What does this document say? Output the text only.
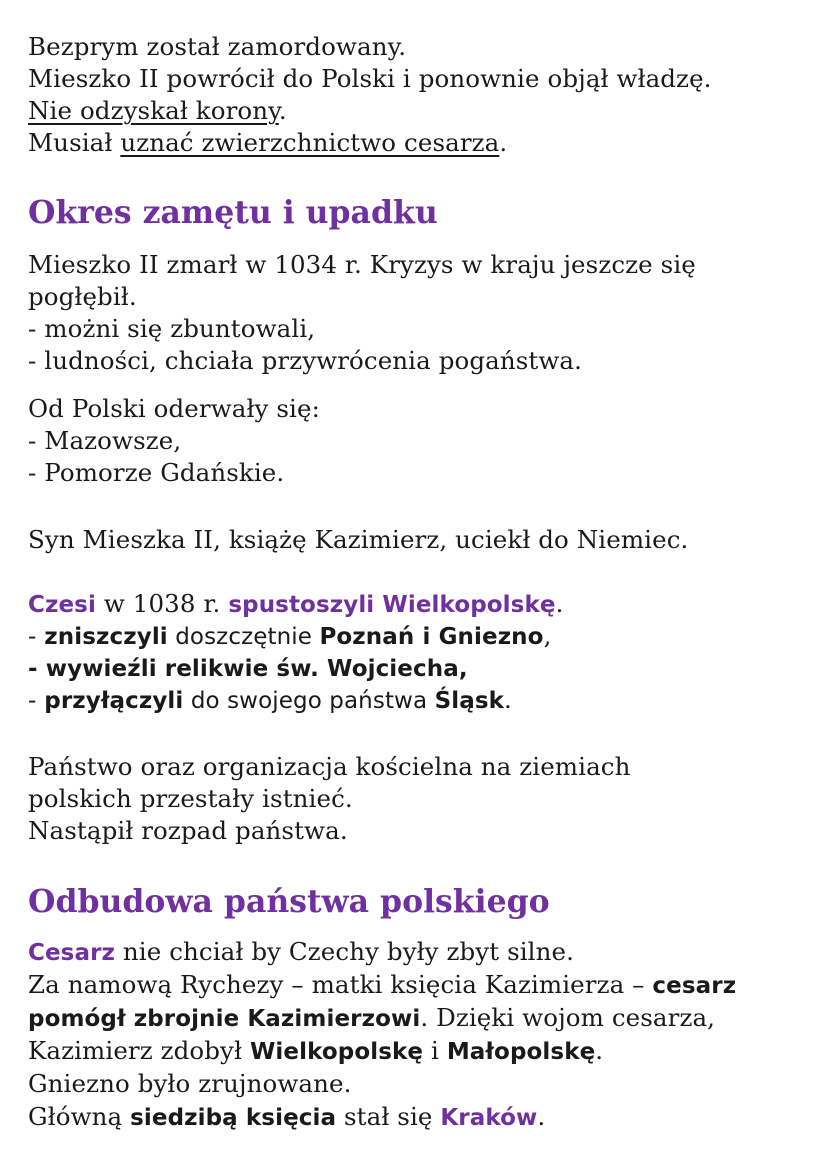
Bezprym został zamordowany.
Mieszko II powrócił do Polski i ponownie objął władzę.
Nie odzyskał korony.
Musiał uznać zwierzchnictwo cesarza.
Okres zamętu i upadku
Mieszko II zmarł w 1034 r. Kryzys w kraju jeszcze się
pogłębił.
- możni się zbuntowali,
- ludności, chciała przywrócenia pogaństwa.
Od Polski oderwały się:
- Mazowsze,
- Pomorze Gdańskie.
Syn Mieszka II, książę Kazimierz, uciekł do Niemiec.
Czesi w 1038 r. spustoszyli Wielkopolskę.
- zniszczyli doszczętnie Poznań i Gniezno,
- wywieźli relikwie św. Wojciecha,
- przyłączyli do swojego państwa Śląsk.
Państwo oraz organizacja kościelna na ziemiach
polskich przestały istnieć.
Nastąpił rozpad państwa.
Odbudowa państwa polskiego
Cesarz nie chciał by Czechy były zbyt silne.
Za namową Rychezy – matki księcia Kazimierza – cesarz
pomógł zbrojnie Kazimierzowi. Dzięki wojom cesarza,
Kazimierz zdobył Wielkopolskę i Małopolskę.
Gniezno było zrujnowane.
Główną siedzibą księcia stał się Kraków.
